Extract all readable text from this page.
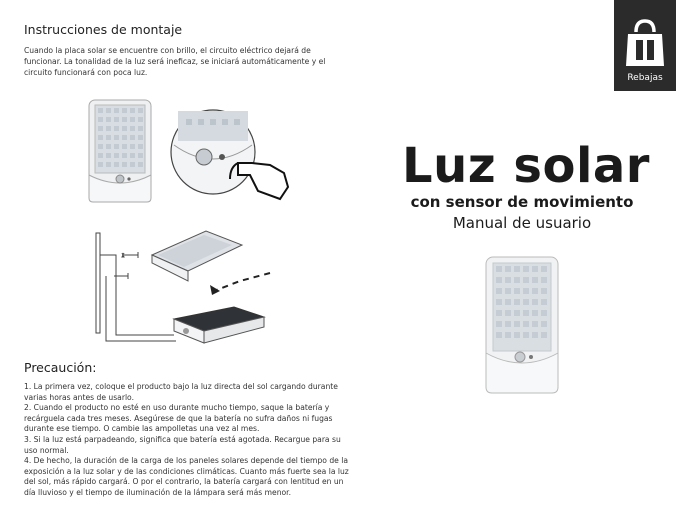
Rebajas
Instrucciones de montaje
Cuando la placa solar se encuentre con brillo, el circuito eléctrico dejará de funcionar. La tonalidad de la luz será ineficaz, se iniciará automáticamente y el circuito funcionará con poca luz.
Precaución:

1. La primera vez, coloque el producto bajo la luz directa del sol cargando durante varias horas antes de usarlo.

2. Cuando el producto no esté en uso durante mucho tiempo, saque la batería y recárguela cada tres meses. Asegúrese de que la batería no sufra daños ni fugas durante ese tiempo. O cambie las ampolletas una vez al mes.

3. Si la luz está parpadeando, significa que batería está agotada. Recargue para su uso normal.

4. De hecho, la duración de la carga de los paneles solares depende del tiempo de la exposición a la luz solar y de las condiciones climáticas. Cuanto más fuerte sea la luz del sol, más rápido cargará. O por el contrario, la batería cargará con lentitud en un día lluvioso y el tiempo de iluminación de la lámpara será más menor.

Luz solar
con sensor de movimiento
Manual de usuario
